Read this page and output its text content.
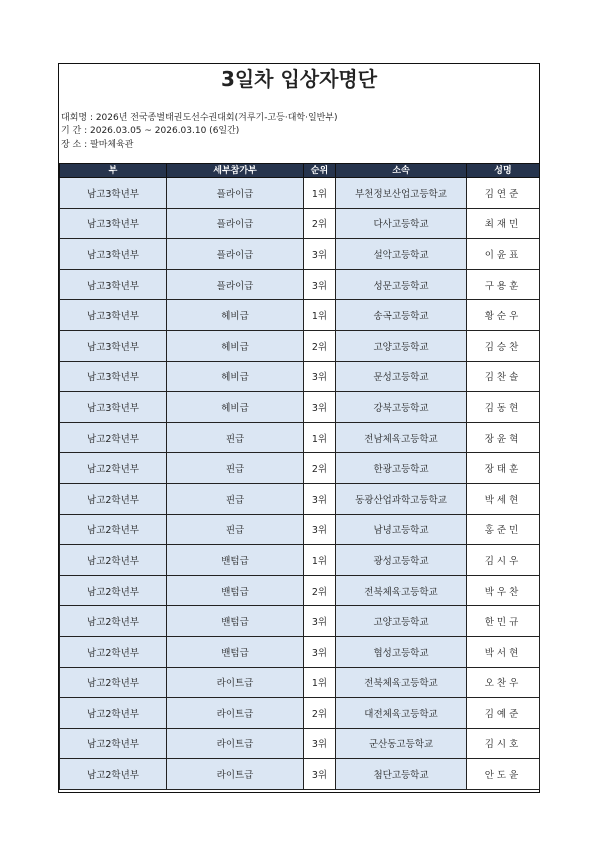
3일차 입상자명단
대회명 : 2026년 전국종별태권도선수권대회(겨루기-고등·대학·일반부)
기 간 : 2026.03.05 ~ 2026.03.10 (6일간)
장 소 : 팔마체육관
부	세부참가부	순위	소속	성명
남고3학년부	플라이급	1위	부천정보산업고등학교	김연준
남고3학년부	플라이급	2위	다사고등학교	최재민
남고3학년부	플라이급	3위	설악고등학교	이윤표
남고3학년부	플라이급	3위	성문고등학교	구용훈
남고3학년부	헤비급	1위	송곡고등학교	황순우
남고3학년부	헤비급	2위	고양고등학교	김승찬
남고3학년부	헤비급	3위	문성고등학교	김찬솔
남고3학년부	헤비급	3위	강북고등학교	김동현
남고2학년부	핀급	1위	전남체육고등학교	장윤혁
남고2학년부	핀급	2위	한광고등학교	장태훈
남고2학년부	핀급	3위	동광산업과학고등학교	박세현
남고2학년부	핀급	3위	남녕고등학교	홍준민
남고2학년부	밴텀급	1위	광성고등학교	김시우
남고2학년부	밴텀급	2위	전북체육고등학교	박우찬
남고2학년부	밴텀급	3위	고양고등학교	한민규
남고2학년부	밴텀급	3위	협성고등학교	박서현
남고2학년부	라이트급	1위	전북체육고등학교	오찬우
남고2학년부	라이트급	2위	대전체육고등학교	김예준
남고2학년부	라이트급	3위	군산동고등학교	김시호
남고2학년부	라이트급	3위	첨단고등학교	안도윤
